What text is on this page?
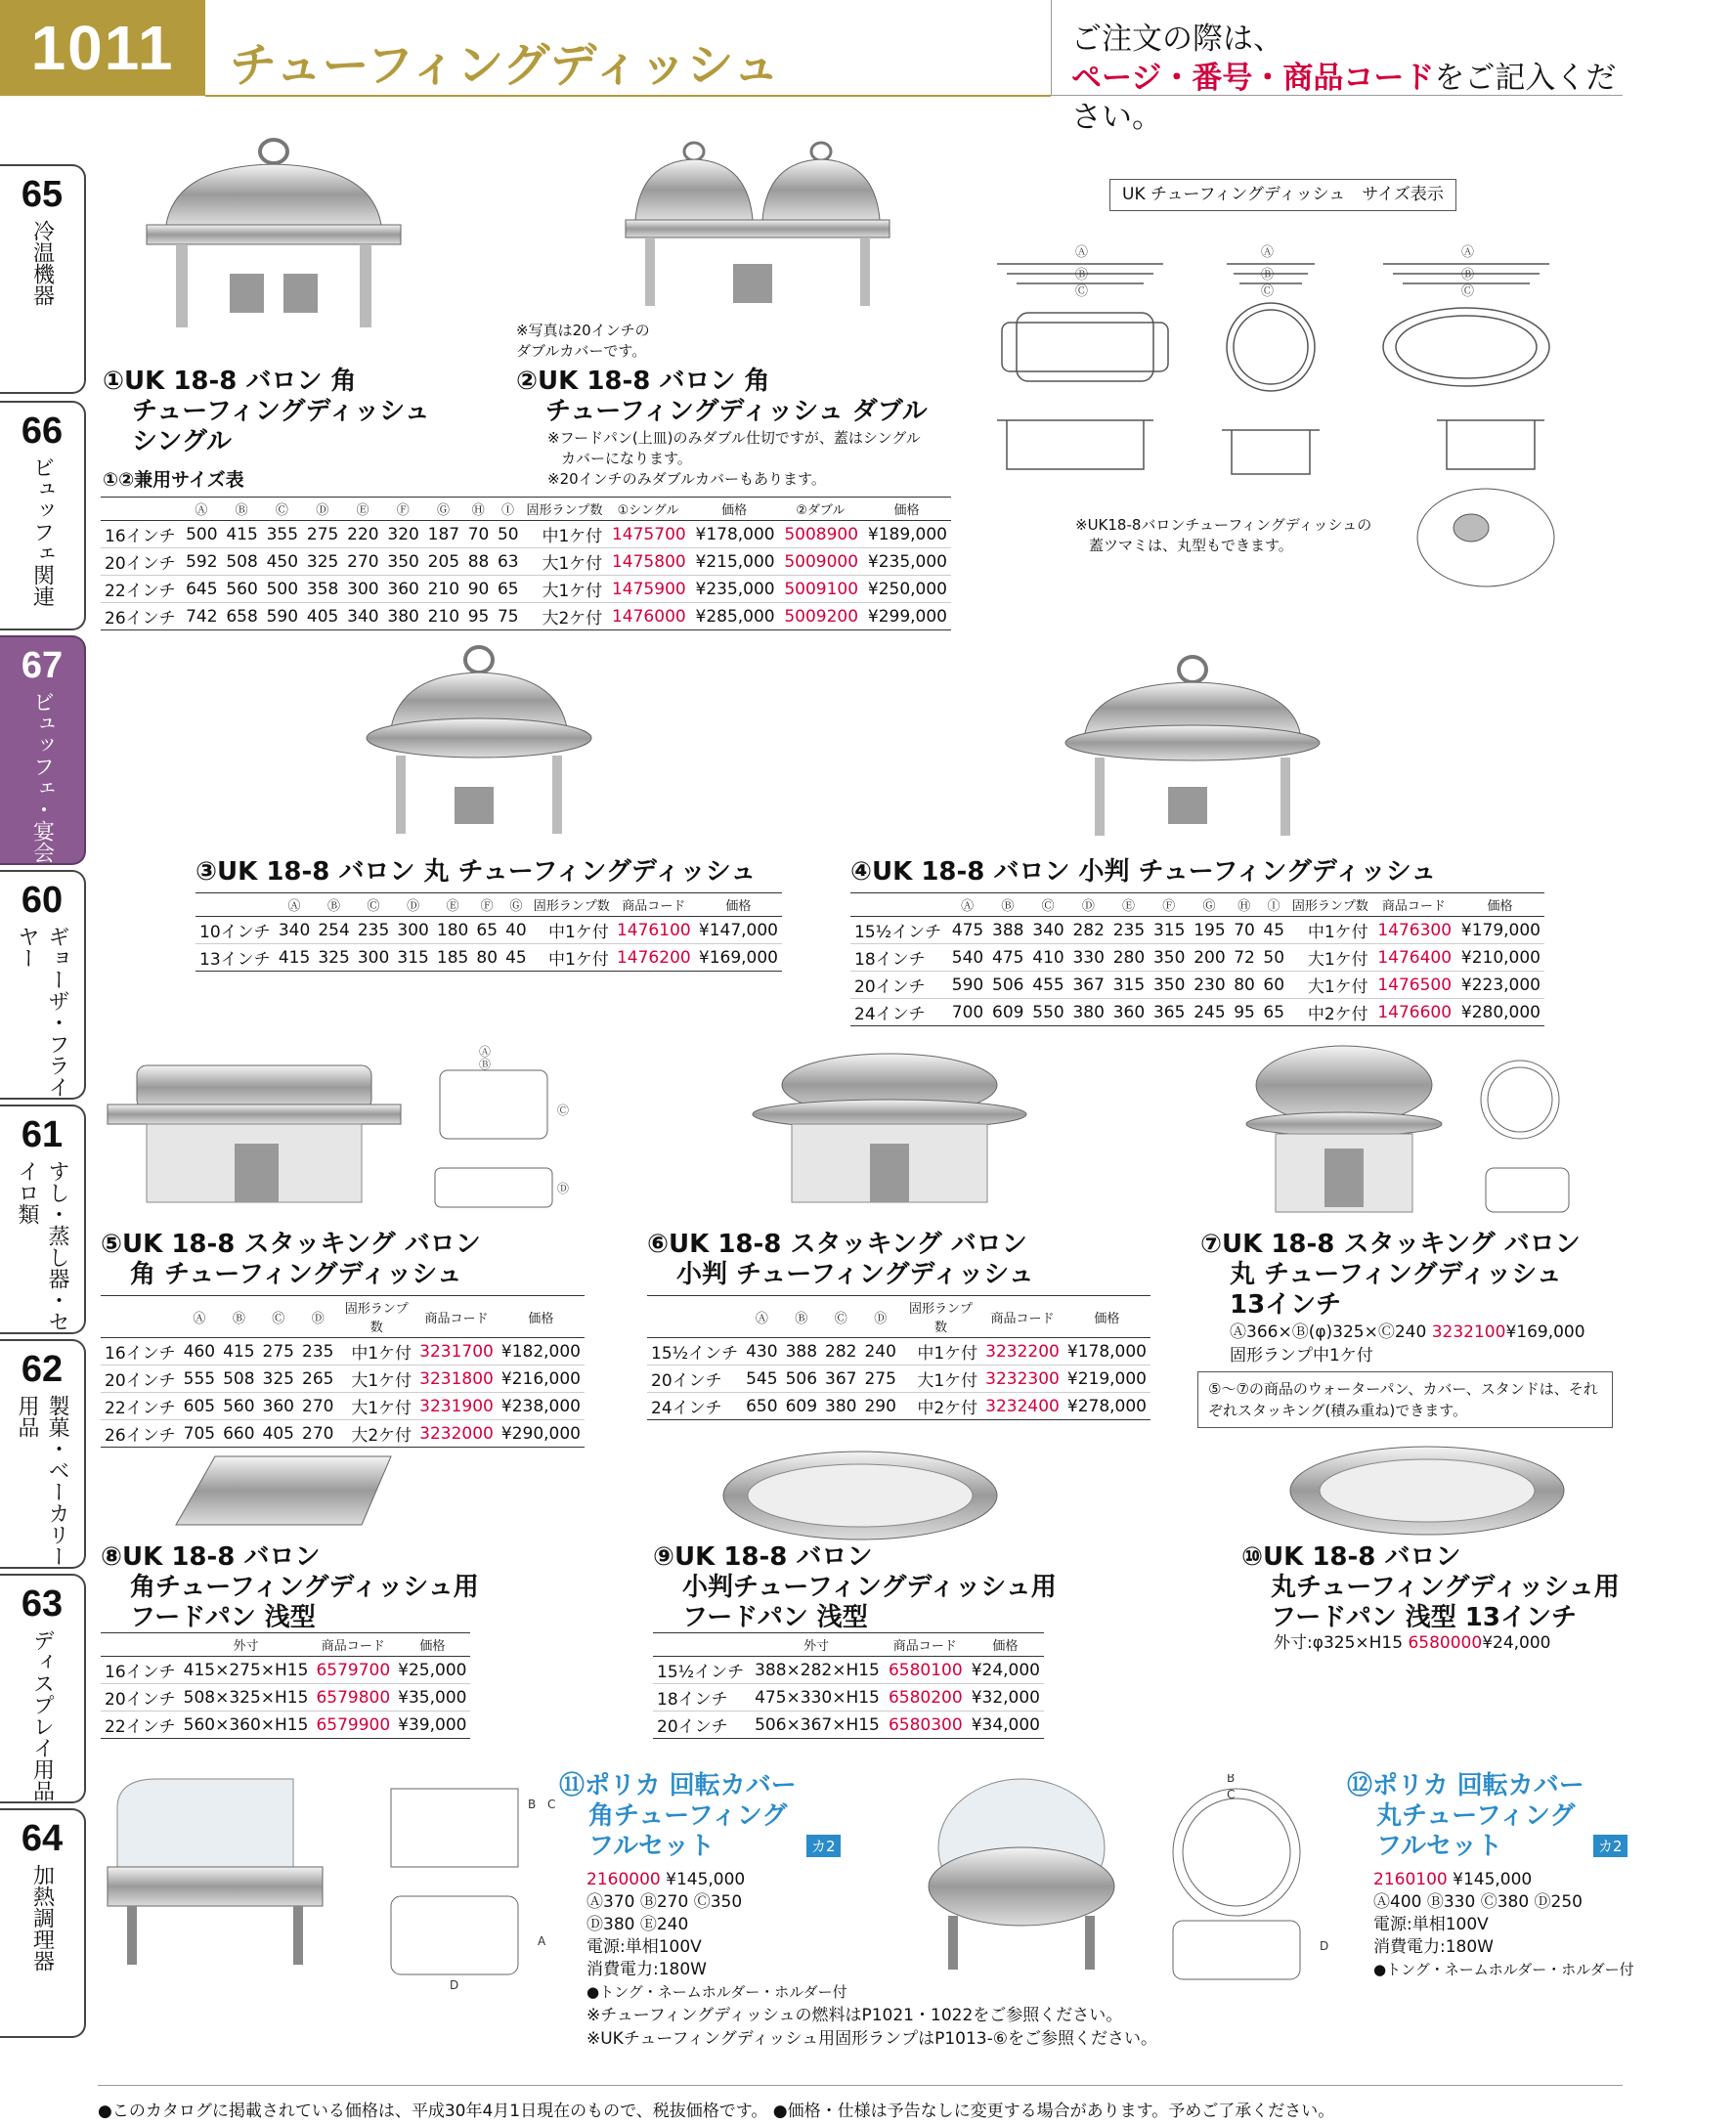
1011	チューフィングディッシュ	ご注文の際は、
ページ・番号・商品コードをご記入ください。
65
冷温機器
66
ビュッフェ関連
67
ビュッフェ・宴会
60
ギョーザ・フライヤー
61
すし・蒸し器・セイロ類
62
製菓・ベーカリー用品
63
ディスプレイ用品
64
加熱調理器
※写真は20インチの
ダブルカバーです。
①UK 18-8 バロン 角
チューフィングディッシュ
シングル
②UK 18-8 バロン 角
チューフィングディッシュ ダブル
※フードパン(上皿)のみダブル仕切ですが、蓋はシングル
カバーになります。
※20インチのみダブルカバーもあります。
①②兼用サイズ表
	Ⓐ	Ⓑ	Ⓒ	Ⓓ	Ⓔ	Ⓕ	Ⓖ	Ⓗ	Ⓘ	固形ランプ数	①シングル	価格	②ダブル	価格
16インチ	500	415	355	275	220	320	187	70	50	中1ケ付	1475700	¥178,000	5008900	¥189,000
20インチ	592	508	450	325	270	350	205	88	63	大1ケ付	1475800	¥215,000	5009000	¥235,000
22インチ	645	560	500	358	300	360	210	90	65	大1ケ付	1475900	¥235,000	5009100	¥250,000
26インチ	742	658	590	405	340	380	210	95	75	大2ケ付	1476000	¥285,000	5009200	¥299,000
UK チューフィングディッシュ　サイズ表示
Ⓐ
Ⓑ
Ⓒ
Ⓐ
Ⓑ
Ⓒ
Ⓐ
Ⓑ
Ⓒ
※UK18-8バロンチューフィングディッシュの
蓋ツマミは、丸型もできます。
③UK 18-8 バロン 丸 チューフィングディッシュ
	Ⓐ	Ⓑ	Ⓒ	Ⓓ	Ⓔ	Ⓕ	Ⓖ	固形ランプ数	商品コード	価格
10インチ	340	254	235	300	180	65	40	中1ケ付	1476100	¥147,000
13インチ	415	325	300	315	185	80	45	中1ケ付	1476200	¥169,000
④UK 18-8 バロン 小判 チューフィングディッシュ
	Ⓐ	Ⓑ	Ⓒ	Ⓓ	Ⓔ	Ⓕ	Ⓖ	Ⓗ	Ⓘ	固形ランプ数	商品コード	価格
15½インチ	475	388	340	282	235	315	195	70	45	中1ケ付	1476300	¥179,000
18インチ	540	475	410	330	280	350	200	72	50	大1ケ付	1476400	¥210,000
20インチ	590	506	455	367	315	350	230	80	60	大1ケ付	1476500	¥223,000
24インチ	700	609	550	380	360	365	245	95	65	中2ケ付	1476600	¥280,000
Ⓐ
Ⓑ
Ⓒ
Ⓓ
⑤UK 18-8 スタッキング バロン
角 チューフィングディッシュ
	Ⓐ	Ⓑ	Ⓒ	Ⓓ	固形ランプ数	商品コード	価格
16インチ	460	415	275	235	中1ケ付	3231700	¥182,000
20インチ	555	508	325	265	大1ケ付	3231800	¥216,000
22インチ	605	560	360	270	大1ケ付	3231900	¥238,000
26インチ	705	660	405	270	大2ケ付	3232000	¥290,000
⑥UK 18-8 スタッキング バロン
小判 チューフィングディッシュ
	Ⓐ	Ⓑ	Ⓒ	Ⓓ	固形ランプ数	商品コード	価格
15½インチ	430	388	282	240	中1ケ付	3232200	¥178,000
20インチ	545	506	367	275	大1ケ付	3232300	¥219,000
24インチ	650	609	380	290	中2ケ付	3232400	¥278,000
⑦UK 18-8 スタッキング バロン
丸 チューフィングディッシュ
13インチ
Ⓐ366×Ⓑ(φ)325×Ⓒ240 3232100¥169,000
固形ランプ中1ケ付
⑤〜⑦の商品のウォーターパン、カバー、スタンドは、それぞれスタッキング(積み重ね)できます。
⑧UK 18-8 バロン
角チューフィングディッシュ用
フードパン 浅型
	外寸	商品コード	価格
16インチ	415×275×H15	6579700	¥25,000
20インチ	508×325×H15	6579800	¥35,000
22インチ	560×360×H15	6579900	¥39,000
⑨UK 18-8 バロン
小判チューフィングディッシュ用
フードパン 浅型
	外寸	商品コード	価格
15½インチ	388×282×H15	6580100	¥24,000
18インチ	475×330×H15	6580200	¥32,000
20インチ	506×367×H15	6580300	¥34,000
⑩UK 18-8 バロン
丸チューフィングディッシュ用
フードパン 浅型 13インチ
外寸:φ325×H15 6580000¥24,000
B C
A
D
⑪ポリカ 回転カバー
角チューフィング
フルセット	カ2
2160000 ¥145,000
Ⓐ370 Ⓑ270 Ⓒ350
Ⓓ380 Ⓔ240
電源:単相100V
消費電力:180W
●トング・ネームホルダー・ホルダー付
B
C
D
⑫ポリカ 回転カバー
丸チューフィング
フルセット	カ2
2160100 ¥145,000
Ⓐ400 Ⓑ330 Ⓒ380 Ⓓ250
電源:単相100V
消費電力:180W
●トング・ネームホルダー・ホルダー付
※チューフィングディッシュの燃料はP1021・1022をご参照ください。
※UKチューフィングディッシュ用固形ランプはP1013-⑥をご参照ください。
●このカタログに掲載されている価格は、平成30年4月1日現在のもので、税抜価格です。 ●価格・仕様は予告なしに変更する場合があります。予めご了承ください。
